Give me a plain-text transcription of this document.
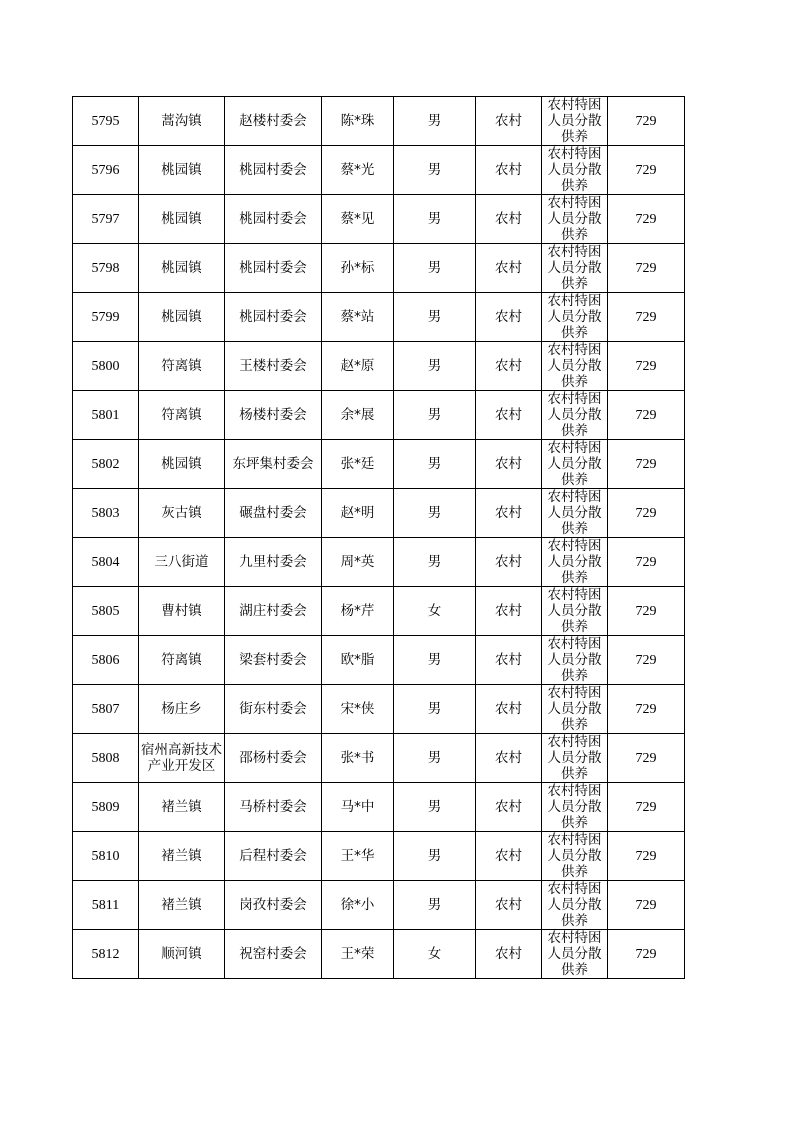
5795	蒿沟镇	赵楼村委会	陈*珠	男	农村	农村特困人员分散供养	729

5796	桃园镇	桃园村委会	蔡*光	男	农村	农村特困人员分散供养	729

5797	桃园镇	桃园村委会	蔡*见	男	农村	农村特困人员分散供养	729

5798	桃园镇	桃园村委会	孙*标	男	农村	农村特困人员分散供养	729

5799	桃园镇	桃园村委会	蔡*站	男	农村	农村特困人员分散供养	729

5800	符离镇	王楼村委会	赵*原	男	农村	农村特困人员分散供养	729

5801	符离镇	杨楼村委会	余*展	男	农村	农村特困人员分散供养	729

5802	桃园镇	东坪集村委会	张*廷	男	农村	农村特困人员分散供养	729

5803	灰古镇	碾盘村委会	赵*明	男	农村	农村特困人员分散供养	729

5804	三八街道	九里村委会	周*英	男	农村	农村特困人员分散供养	729

5805	曹村镇	湖庄村委会	杨*芹	女	农村	农村特困人员分散供养	729

5806	符离镇	梁套村委会	欧*脂	男	农村	农村特困人员分散供养	729

5807	杨庄乡	街东村委会	宋*侠	男	农村	农村特困人员分散供养	729

5808	宿州高新技术产业开发区	邵杨村委会	张*书	男	农村	农村特困人员分散供养	729

5809	褚兰镇	马桥村委会	马*中	男	农村	农村特困人员分散供养	729

5810	褚兰镇	后程村委会	王*华	男	农村	农村特困人员分散供养	729

5811	褚兰镇	岗孜村委会	徐*小	男	农村	农村特困人员分散供养	729

5812	顺河镇	祝窑村委会	王*荣	女	农村	农村特困人员分散供养	729
